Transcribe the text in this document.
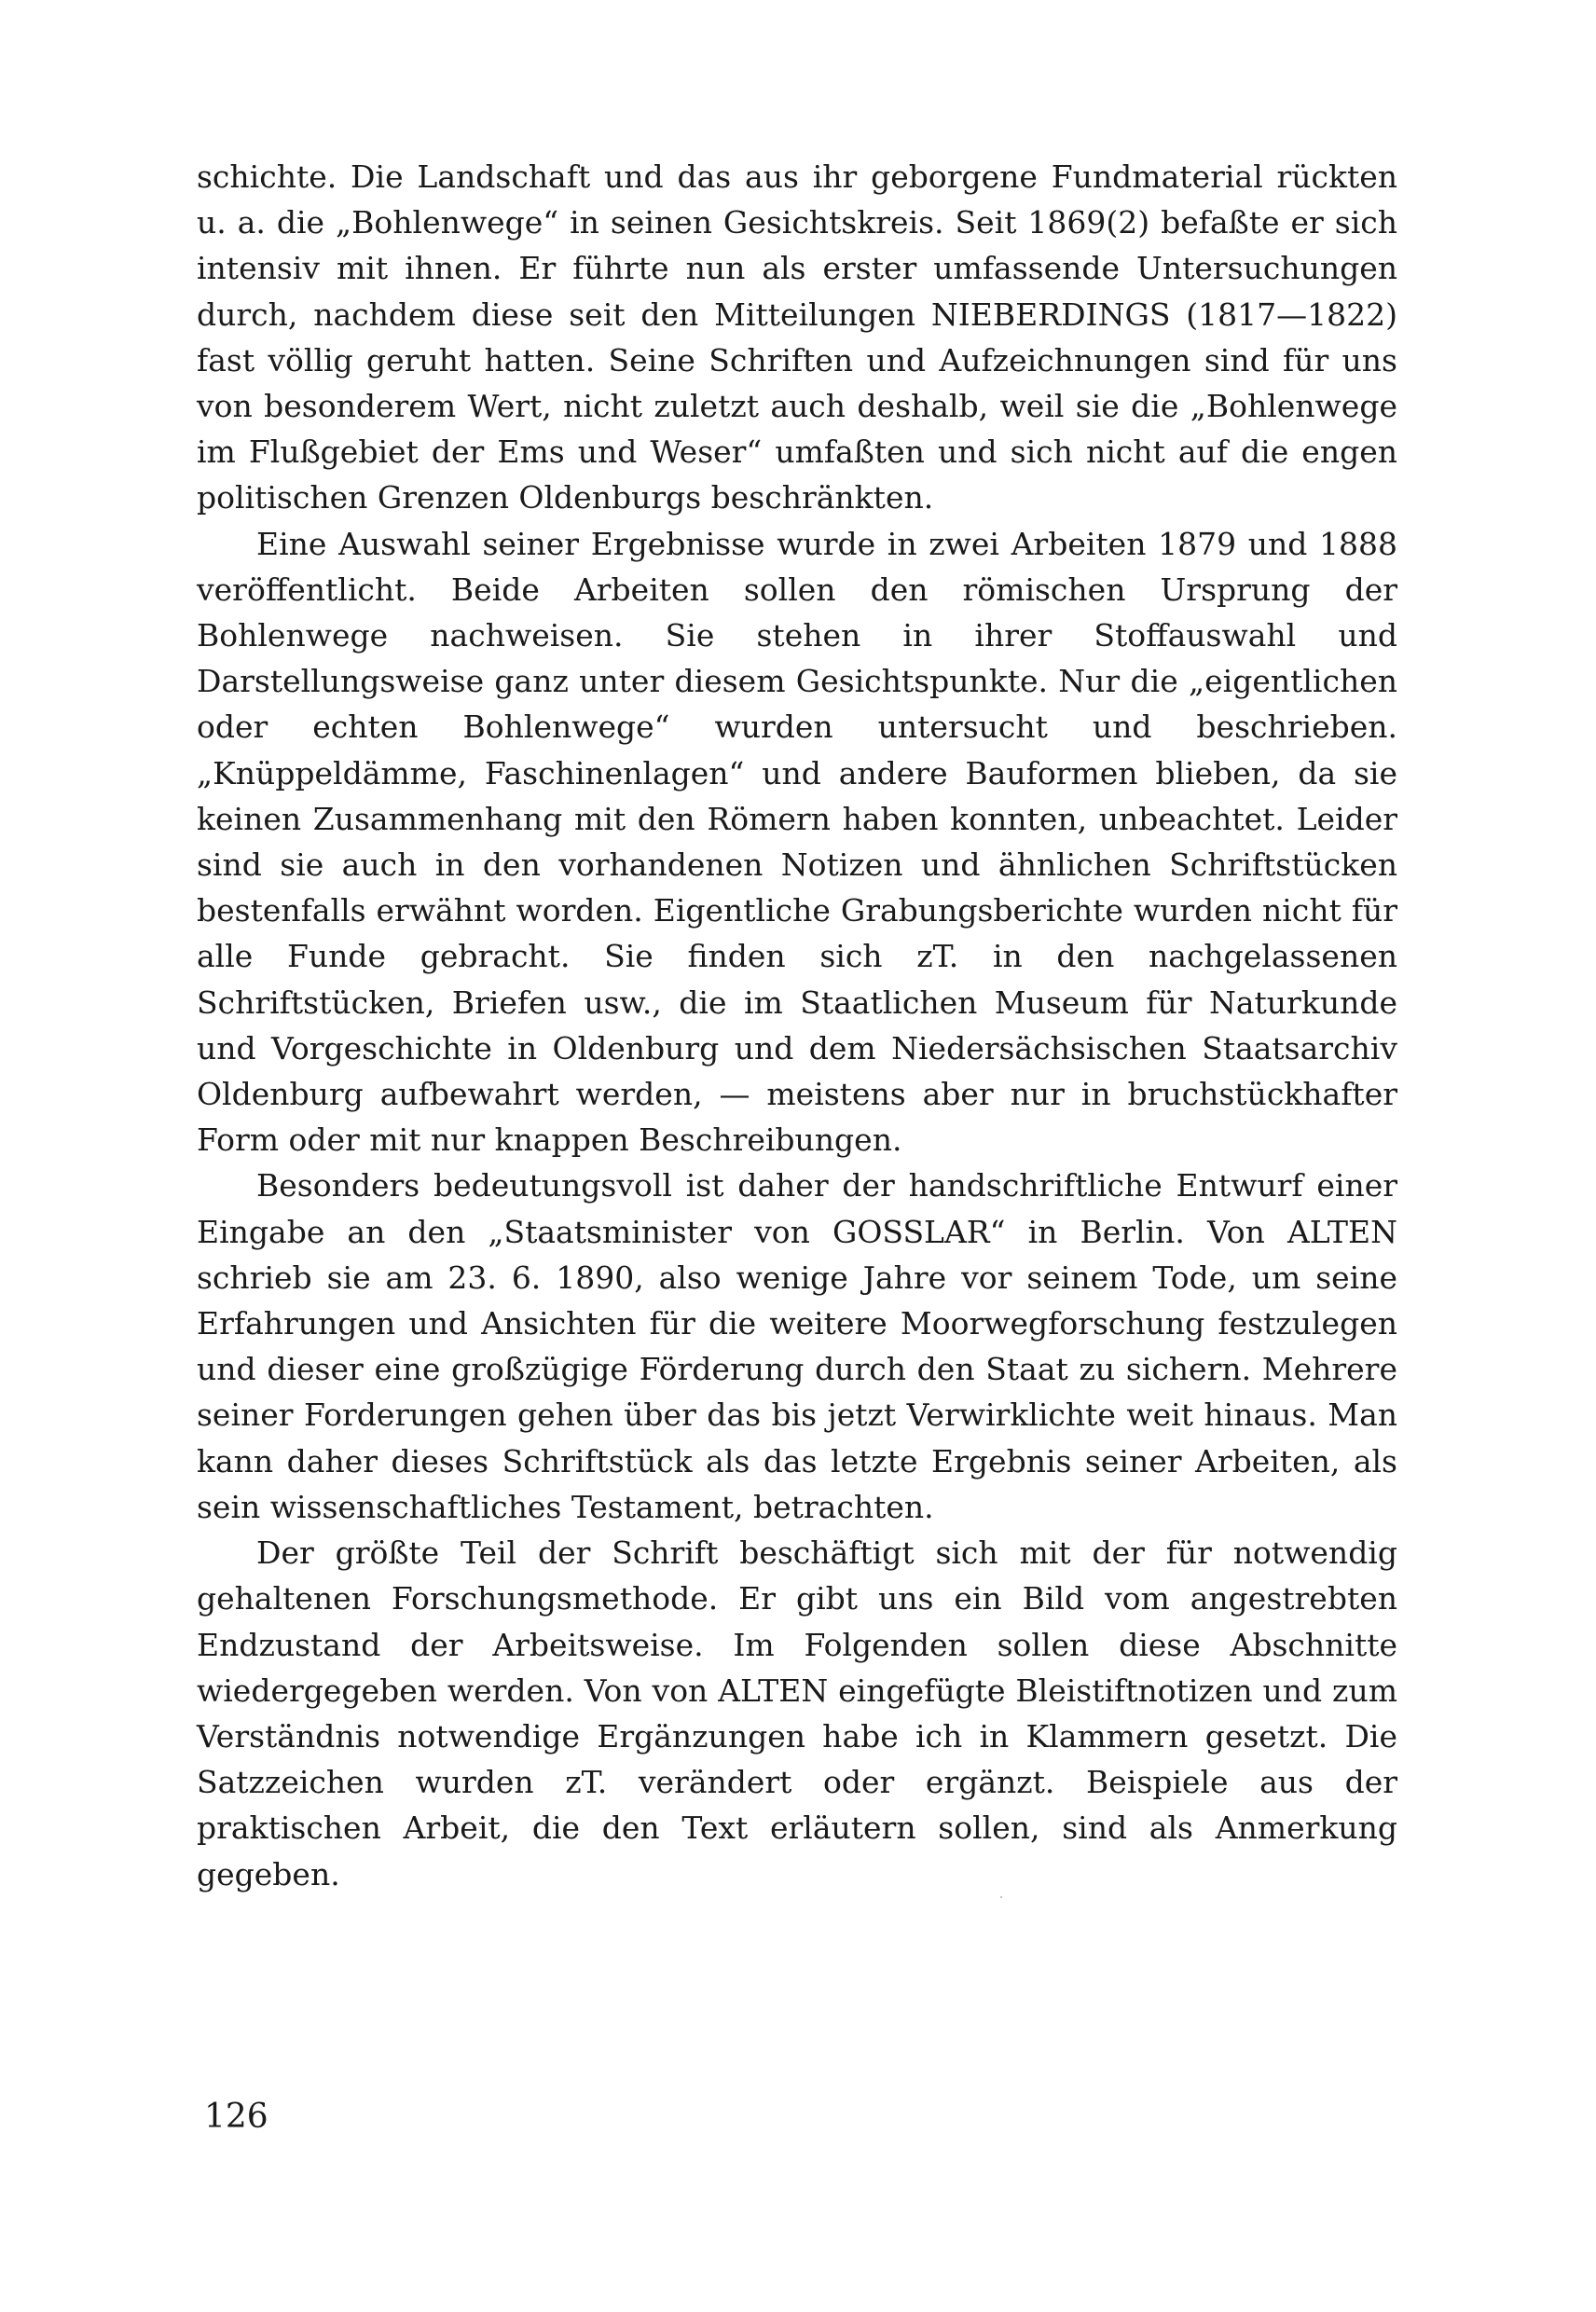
schichte. Die Landschaft und das aus ihr geborgene Fundmaterial rückten u. a. die „Bohlenwege“ in seinen Gesichtskreis. Seit 1869(2) befaßte er sich intensiv mit ihnen. Er führte nun als erster umfassende Untersuchungen durch, nachdem diese seit den Mitteilungen NIEBERDINGS (1817—1822) fast völlig geruht hatten. Seine Schriften und Aufzeichnungen sind für uns von besonderem Wert, nicht zuletzt auch deshalb, weil sie die „Bohlenwege im Flußgebiet der Ems und Weser“ umfaßten und sich nicht auf die engen politischen Grenzen Oldenburgs beschränkten.

Eine Auswahl seiner Ergebnisse wurde in zwei Arbeiten 1879 und 1888 veröffentlicht. Beide Arbeiten sollen den römischen Ursprung der Bohlenwege nachweisen. Sie stehen in ihrer Stoffauswahl und Darstellungsweise ganz unter diesem Gesichtspunkte. Nur die „eigentlichen oder echten Bohlenwege“ wurden untersucht und beschrieben. „Knüppeldämme, Faschinenlagen“ und andere Bauformen blieben, da sie keinen Zusammenhang mit den Römern haben konnten, unbeachtet. Leider sind sie auch in den vorhandenen Notizen und ähnlichen Schriftstücken bestenfalls erwähnt worden. Eigentliche Grabungsberichte wurden nicht für alle Funde gebracht. Sie finden sich zT. in den nachgelassenen Schriftstücken, Briefen usw., die im Staatlichen Museum für Naturkunde und Vorgeschichte in Oldenburg und dem Niedersächsischen Staatsarchiv Oldenburg aufbewahrt werden, — meistens aber nur in bruchstückhafter Form oder mit nur knappen Beschreibungen.

Besonders bedeutungsvoll ist daher der handschriftliche Entwurf einer Eingabe an den „Staatsminister von GOSSLAR“ in Berlin. Von ALTEN schrieb sie am 23. 6. 1890, also wenige Jahre vor seinem Tode, um seine Erfahrungen und Ansichten für die weitere Moorwegforschung festzulegen und dieser eine großzügige Förderung durch den Staat zu sichern. Mehrere seiner Forderungen gehen über das bis jetzt Verwirklichte weit hinaus. Man kann daher dieses Schriftstück als das letzte Ergebnis seiner Arbeiten, als sein wissenschaftliches Testament, betrachten.

Der größte Teil der Schrift beschäftigt sich mit der für notwendig gehaltenen Forschungsmethode. Er gibt uns ein Bild vom angestrebten Endzustand der Arbeitsweise. Im Folgenden sollen diese Abschnitte wiedergegeben werden. Von von ALTEN eingefügte Bleistiftnotizen und zum Verständnis notwendige Ergänzungen habe ich in Klammern gesetzt. Die Satzzeichen wurden zT. verändert oder ergänzt. Beispiele aus der praktischen Arbeit, die den Text erläutern sollen, sind als Anmerkung gegeben.

126
